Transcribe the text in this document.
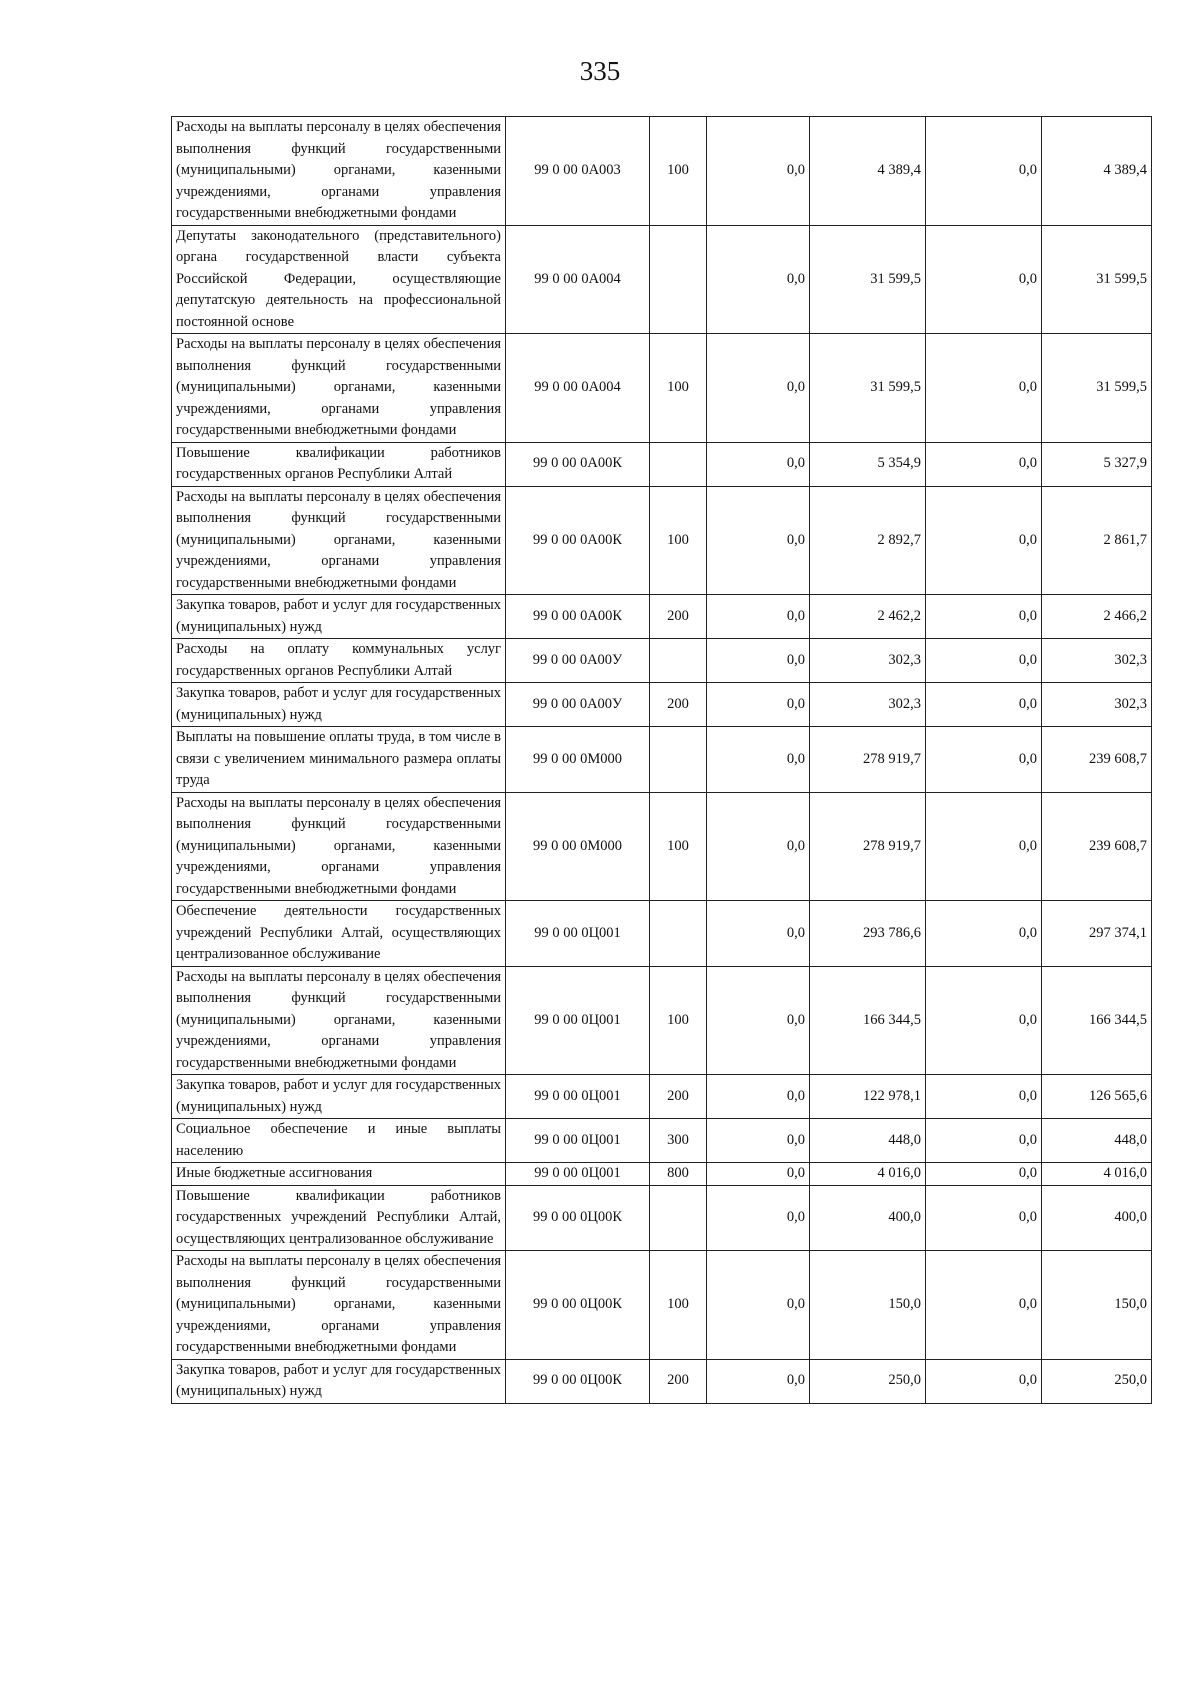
335
Расходы на выплаты персоналу в целях обеспечения выполнения функций государственными (муниципальными) органами, казенными учреждениями, органами управления государственными внебюджетными фондами	99 0 00 0А003	100	0,0	4 389,4	0,0	4 389,4
Депутаты законодательного (представительного) органа государственной власти субъекта Российской Федерации, осуществляющие депутатскую деятельность на профессиональной постоянной основе	99 0 00 0А004		0,0	31 599,5	0,0	31 599,5
Расходы на выплаты персоналу в целях обеспечения выполнения функций государственными (муниципальными) органами, казенными учреждениями, органами управления государственными внебюджетными фондами	99 0 00 0А004	100	0,0	31 599,5	0,0	31 599,5
Повышение квалификации работников государственных органов Республики Алтай	99 0 00 0А00К		0,0	5 354,9	0,0	5 327,9
Расходы на выплаты персоналу в целях обеспечения выполнения функций государственными (муниципальными) органами, казенными учреждениями, органами управления государственными внебюджетными фондами	99 0 00 0А00К	100	0,0	2 892,7	0,0	2 861,7
Закупка товаров, работ и услуг для государственных (муниципальных) нужд	99 0 00 0А00К	200	0,0	2 462,2	0,0	2 466,2
Расходы на оплату коммунальных услуг государственных органов Республики Алтай	99 0 00 0А00У		0,0	302,3	0,0	302,3
Закупка товаров, работ и услуг для государственных (муниципальных) нужд	99 0 00 0А00У	200	0,0	302,3	0,0	302,3
Выплаты на повышение оплаты труда, в том числе в связи с увеличением минимального размера оплаты труда	99 0 00 0М000		0,0	278 919,7	0,0	239 608,7
Расходы на выплаты персоналу в целях обеспечения выполнения функций государственными (муниципальными) органами, казенными учреждениями, органами управления государственными внебюджетными фондами	99 0 00 0М000	100	0,0	278 919,7	0,0	239 608,7
Обеспечение деятельности государственных учреждений Республики Алтай, осуществляющих централизованное обслуживание	99 0 00 0Ц001		0,0	293 786,6	0,0	297 374,1
Расходы на выплаты персоналу в целях обеспечения выполнения функций государственными (муниципальными) органами, казенными учреждениями, органами управления государственными внебюджетными фондами	99 0 00 0Ц001	100	0,0	166 344,5	0,0	166 344,5
Закупка товаров, работ и услуг для государственных (муниципальных) нужд	99 0 00 0Ц001	200	0,0	122 978,1	0,0	126 565,6
Социальное обеспечение и иные выплаты населению	99 0 00 0Ц001	300	0,0	448,0	0,0	448,0
Иные бюджетные ассигнования	99 0 00 0Ц001	800	0,0	4 016,0	0,0	4 016,0
Повышение квалификации работников государственных учреждений Республики Алтай, осуществляющих централизованное обслуживание	99 0 00 0Ц00К		0,0	400,0	0,0	400,0
Расходы на выплаты персоналу в целях обеспечения выполнения функций государственными (муниципальными) органами, казенными учреждениями, органами управления государственными внебюджетными фондами	99 0 00 0Ц00К	100	0,0	150,0	0,0	150,0
Закупка товаров, работ и услуг для государственных (муниципальных) нужд	99 0 00 0Ц00К	200	0,0	250,0	0,0	250,0
